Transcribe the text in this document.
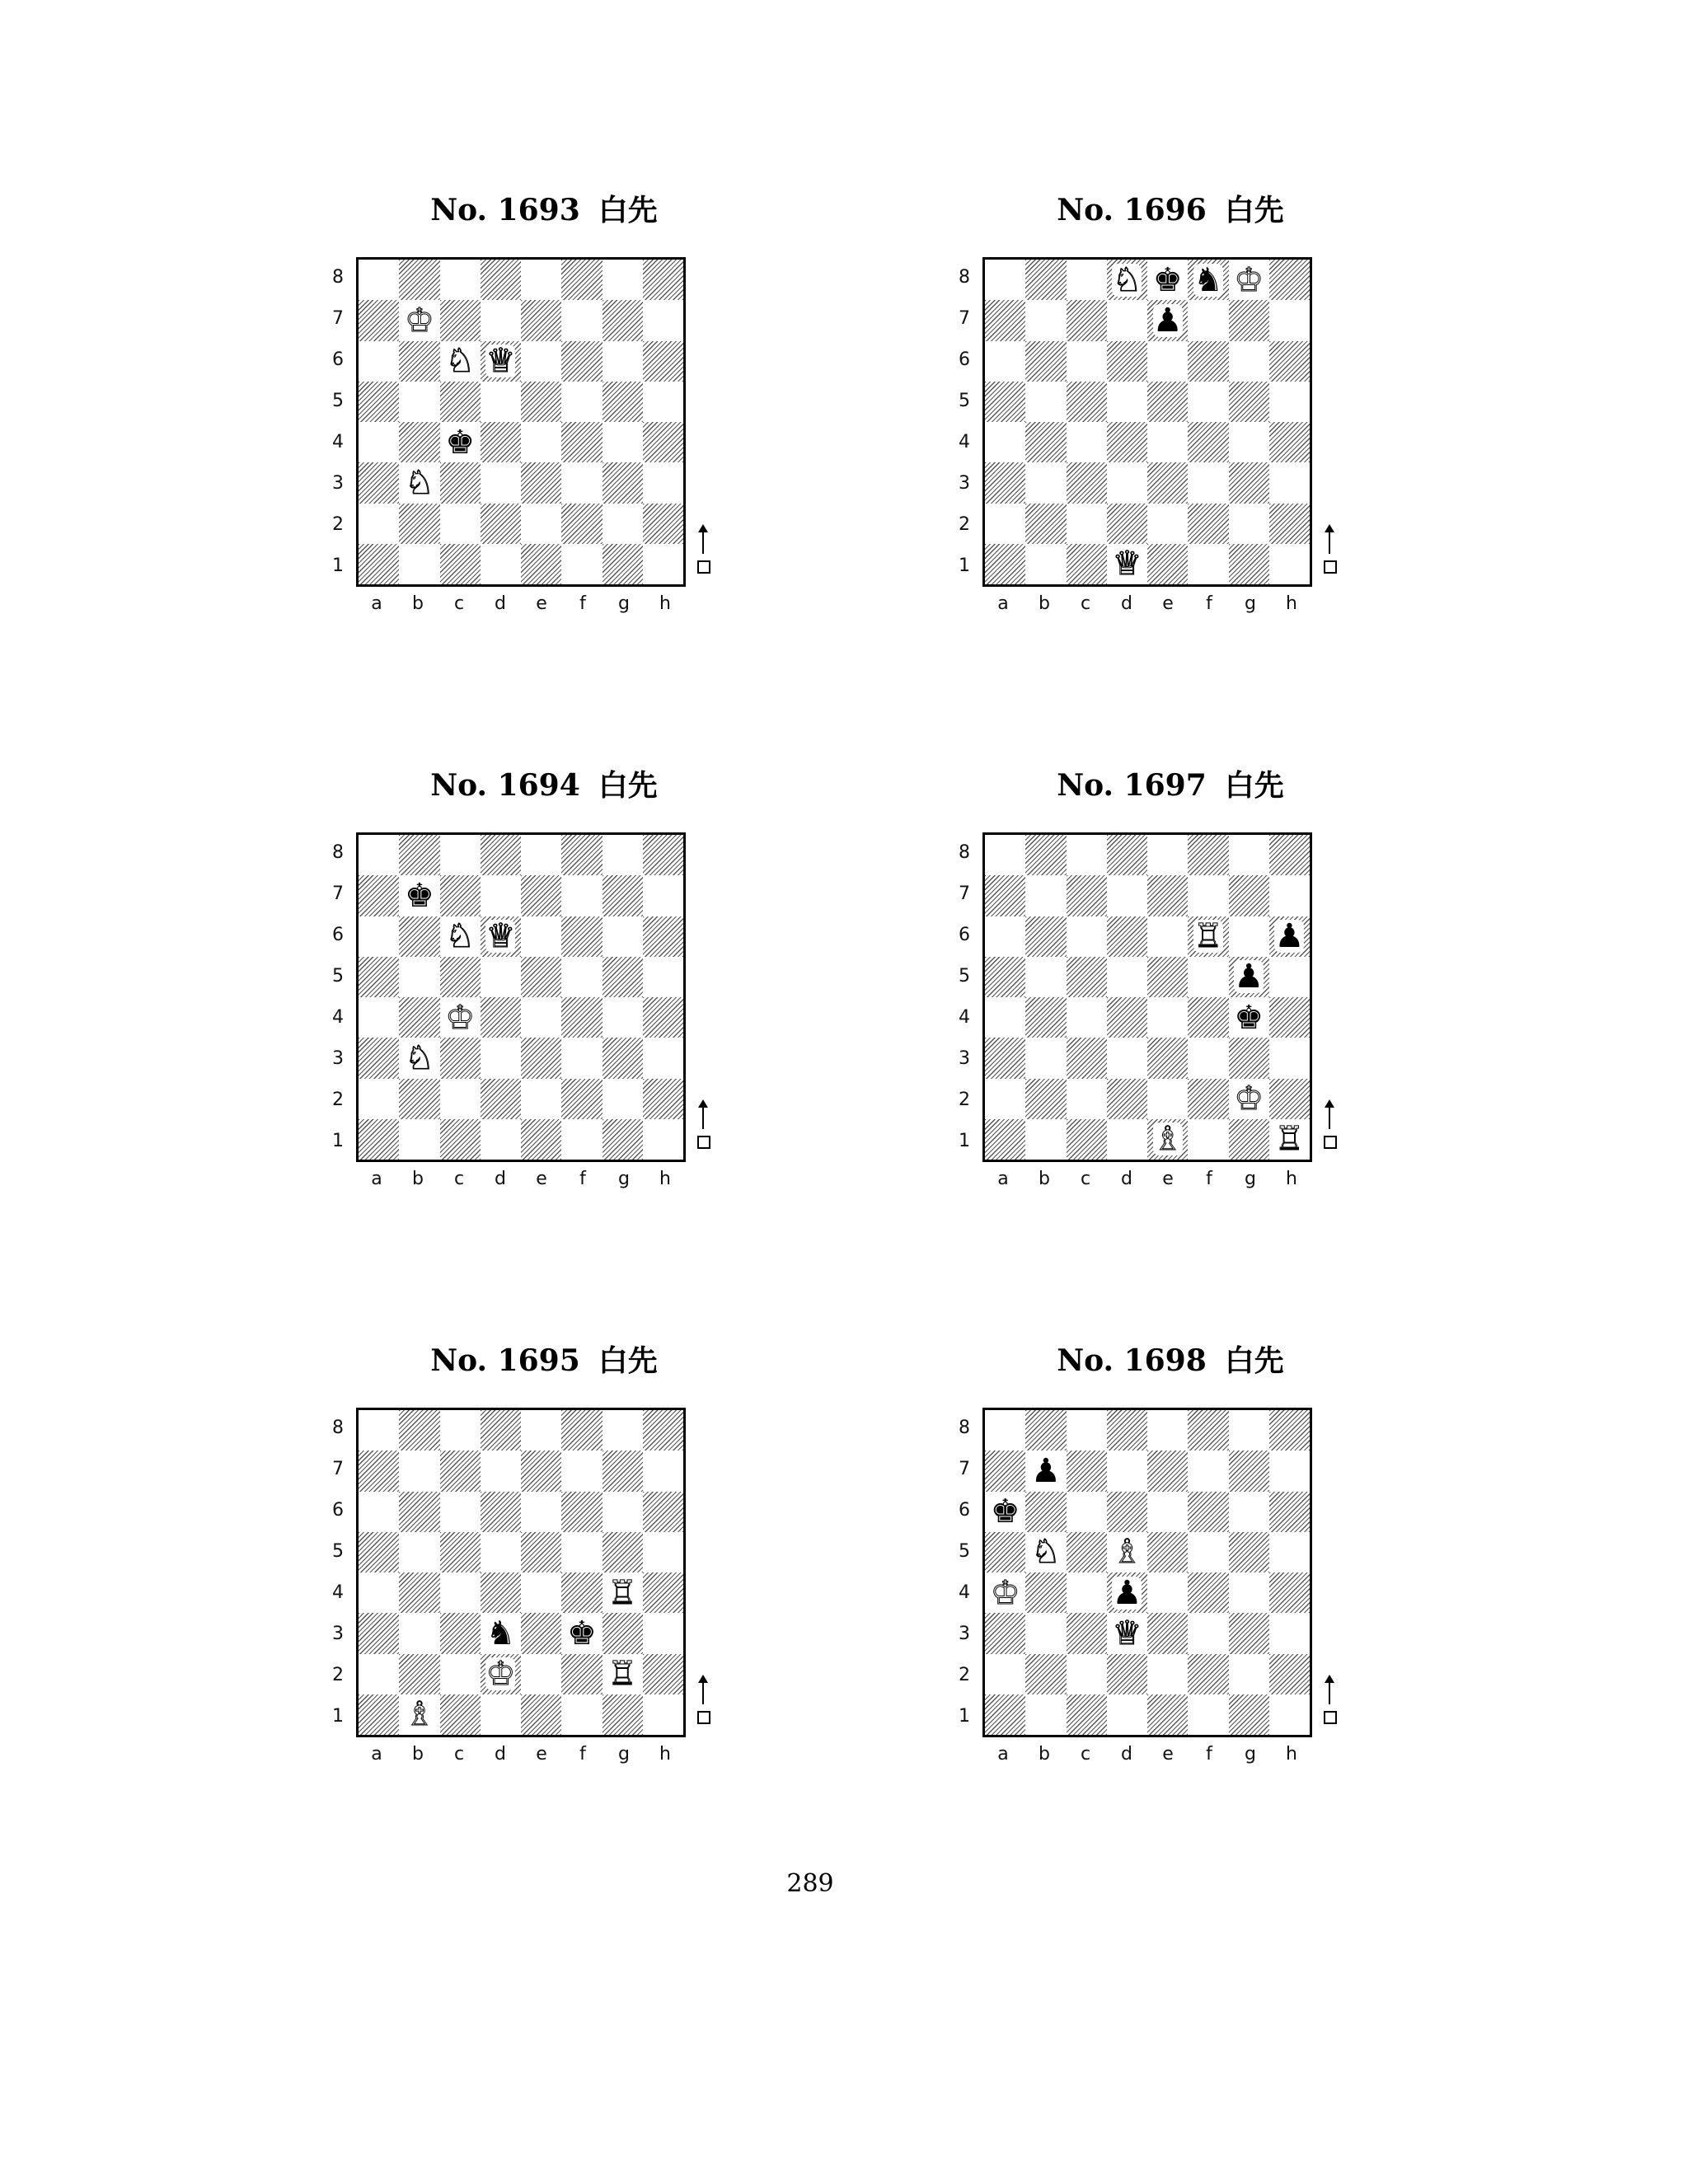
No. 1693 白先
8
7
6
5
4
3
2
1
♔
♘ ♕
♚
♘
a	b	c	d	e	f	g	h
No. 1696 白先
8
7
6
5
4
3
2
1
♘ ♚ ♞ ♔
♟
♕
a	b	c	d	e	f	g	h
No. 1694 白先
8
7
6
5
4
3
2
1
♚
♘ ♕
♔
♘
a	b	c	d	e	f	g	h
No. 1697 白先
8
7
6
5
4
3
2
1
♖ ♟
♟
♚
♔
♗	♖
a	b	c	d	e	f	g	h
No. 1695 白先
8
7
6
5
4
3
2
1
♖
♞ ♚
♔	♖
♗
a	b	c	d	e	f	g	h
No. 1698 白先
8
7
6
5
4
3
2
1
♟
♚
♘ ♗
♔	♟
♕
a	b	c	d	e	f	g	h
289
